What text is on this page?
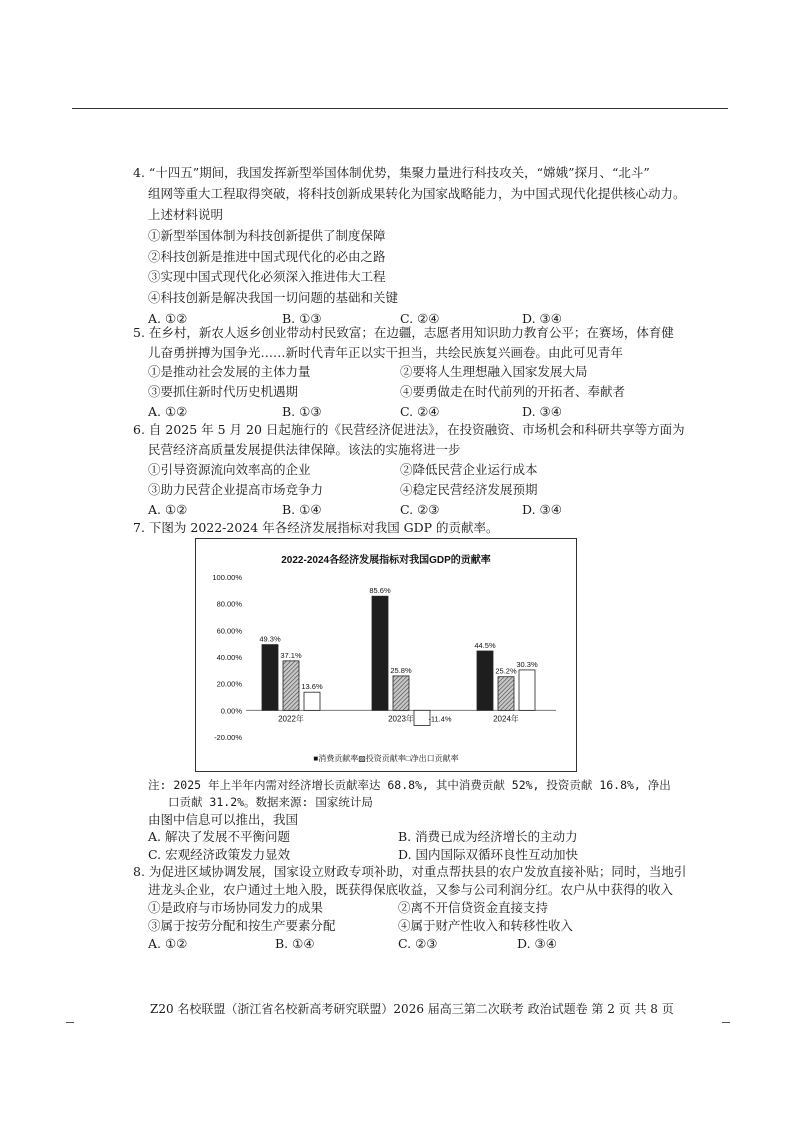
4. “十四五”期间，我国发挥新型举国体制优势，集聚力量进行科技攻关，“嫦娥”探月、“北斗”
组网等重大工程取得突破，将科技创新成果转化为国家战略能力，为中国式现代化提供核心动力。
上述材料说明
①新型举国体制为科技创新提供了制度保障
②科技创新是推进中国式现代化的必由之路
③实现中国式现代化必须深入推进伟大工程
④科技创新是解决我国一切问题的基础和关键
A. ①②	B. ①③	C. ②④	D. ③④
5. 在乡村，新农人返乡创业带动村民致富；在边疆，志愿者用知识助力教育公平；在赛场，体育健
儿奋勇拼搏为国争光……新时代青年正以实干担当，共绘民族复兴画卷。由此可见青年
①是推动社会发展的主体力量	②要将人生理想融入国家发展大局
③要抓住新时代历史机遇期	④要勇做走在时代前列的开拓者、奉献者
A. ①②	B. ①③	C. ②④	D. ③④
6. 自 2025 年 5 月 20 日起施行的《民营经济促进法》，在投资融资、市场机会和科研共享等方面为
民营经济高质量发展提供法律保障。该法的实施将进一步
①引导资源流向效率高的企业	②降低民营企业运行成本
③助力民营企业提高市场竞争力	④稳定民营经济发展预期
A. ①②	B. ①④	C. ②③	D. ③④
7. 下图为 2022-2024 年各经济发展指标对我国 GDP 的贡献率。
2022-2024各经济发展指标对我国GDP的贡献率
■消费贡献率▨投资贡献率□净出口贡献率
100.00%
80.00%
60.00%
40.00%
20.00%
0.00%
-20.00%
49.3%
37.1%
13.6%
2022年
85.6%
25.8%
-11.4%
2023年
44.5%
25.2%
30.3%
2024年
注: 2025 年上半年内需对经济增长贡献率达 68.8%, 其中消费贡献 52%, 投资贡献 16.8%, 净出
口贡献 31.2%。数据来源: 国家统计局
由图中信息可以推出，我国
A. 解决了发展不平衡问题	B. 消费已成为经济增长的主动力
C. 宏观经济政策发力显效	D. 国内国际双循环良性互动加快
8. 为促进区域协调发展，国家设立财政专项补助，对重点帮扶县的农户发放直接补贴；同时，当地引
进龙头企业，农户通过土地入股，既获得保底收益，又参与公司利润分红。农户从中获得的收入
①是政府与市场协同发力的成果	②离不开信贷资金直接支持
③属于按劳分配和按生产要素分配	④属于财产性收入和转移性收入
A. ①②	B. ①④	C. ②③	D. ③④
Z20 名校联盟（浙江省名校新高考研究联盟）2026 届高三第二次联考 政治试题卷 第 2 页 共 8 页
